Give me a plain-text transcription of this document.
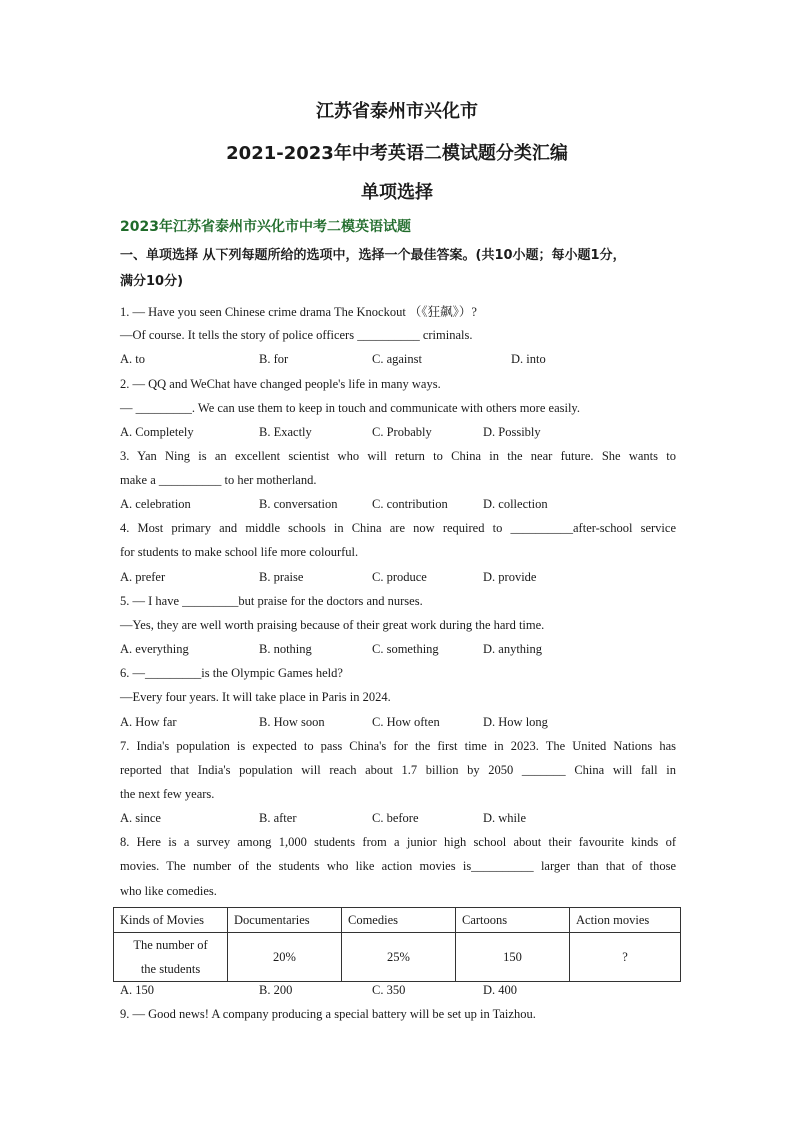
江苏省泰州市兴化市
2021-2023年中考英语二模试题分类汇编
单项选择
2023年江苏省泰州市兴化市中考二模英语试题
一、单项选择 从下列每题所给的选项中，选择一个最佳答案。(共10小题；每小题1分，
满分10分)
1. — Have you seen Chinese crime drama The Knockout （《狂飙》）?
—Of course. It tells the story of police officers __________ criminals.
A. to	B. for	C. against	D. into
2. — QQ and WeChat have changed people's life in many ways.
— _________. We can use them to keep in touch and communicate with others more easily.
A. Completely	B. Exactly	C. Probably	D. Possibly
3. Yan Ning is an excellent scientist who will return to China in the near future. She wants to
make a __________ to her motherland.
A. celebration	B. conversation	C. contribution	D. collection
4. Most primary and middle schools in China are now required to __________after-school service
for students to make school life more colourful.
A. prefer	B. praise	C. produce	D. provide
5. — I have _________but praise for the doctors and nurses.
—Yes, they are well worth praising because of their great work during the hard time.
A. everything	B. nothing	C. something	D. anything
6. —_________is the Olympic Games held?
—Every four years. It will take place in Paris in 2024.
A. How far	B. How soon	C. How often	D. How long
7. India's population is expected to pass China's for the first time in 2023. The United Nations has
reported that India's population will reach about 1.7 billion by 2050 _______ China will fall in
the next few years.
A. since	B. after	C. before	D. while
8. Here is a survey among 1,000 students from a junior high school about their favourite kinds of
movies. The number of the students who like action movies is__________ larger than that of those
who like comedies.
Kinds of Movies	Documentaries	Comedies	Cartoons	Action movies

The number of
the students	20%	25%	150	?
A. 150	B. 200	C. 350	D. 400
9. — Good news! A company producing a special battery will be set up in Taizhou.
